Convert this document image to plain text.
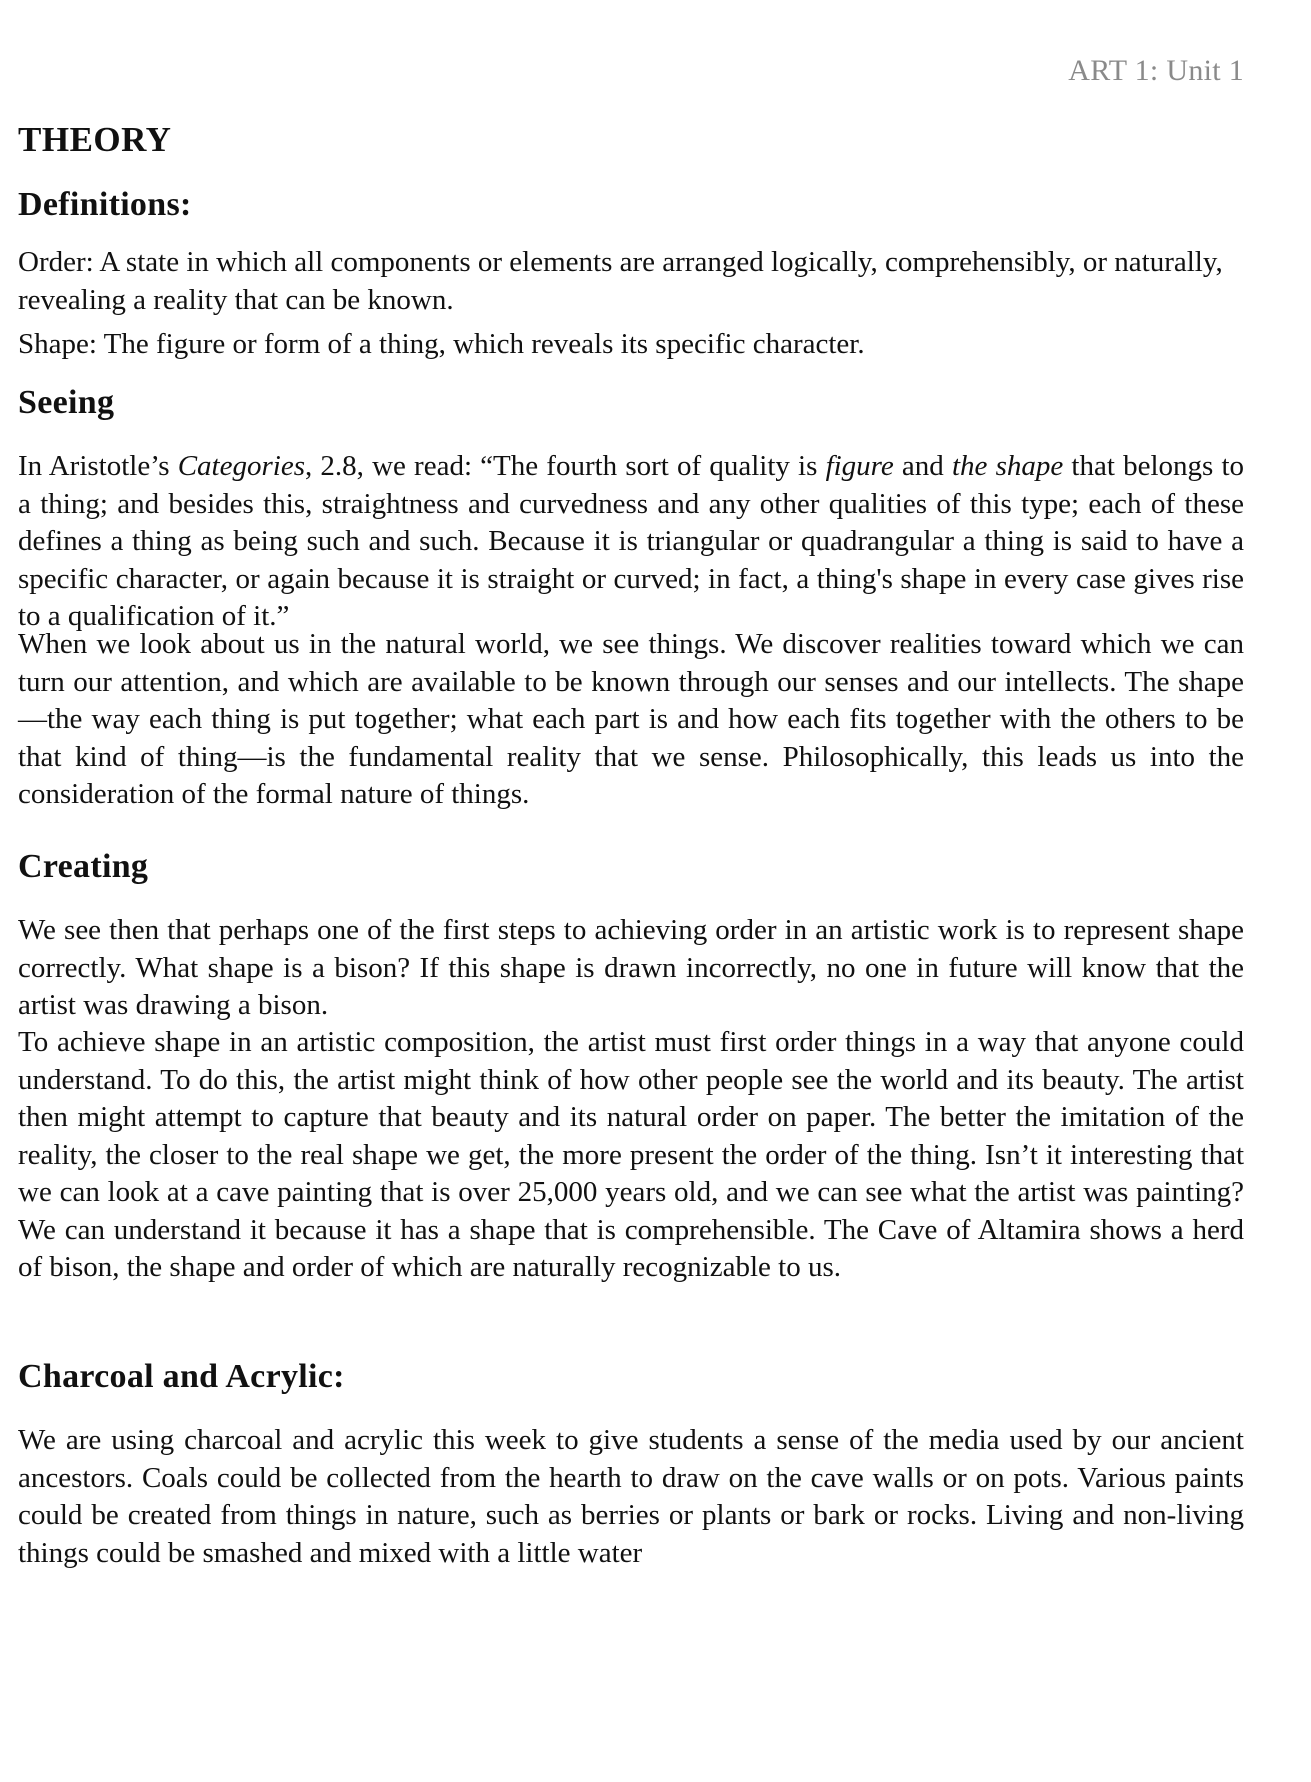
ART 1: Unit 1
THEORY
Definitions:

Order: A state in which all components or elements are arranged logically, comprehensibly, or naturally, revealing a reality that can be known.

Shape: The figure or form of a thing, which reveals its specific character.

Seeing

In Aristotle’s Categories, 2.8, we read: “The fourth sort of quality is figure and the shape that belongs to a thing; and besides this, straightness and curvedness and any other qualities of this type; each of these defines a thing as being such and such. Because it is triangular or quadrangular a thing is said to have a specific character, or again because it is straight or curved; in fact, a thing's shape in every case gives rise to a qualification of it.”

When we look about us in the natural world, we see things. We discover realities toward which we can turn our attention, and which are available to be known through our senses and our intellects. The shape—the way each thing is put together; what each part is and how each fits together with the others to be that kind of thing—is the fundamental reality that we sense. Philosophically, this leads us into the consideration of the formal nature of things.

Creating

We see then that perhaps one of the first steps to achieving order in an artistic work is to represent shape correctly. What shape is a bison? If this shape is drawn incorrectly, no one in future will know that the artist was drawing a bison.

To achieve shape in an artistic composition, the artist must first order things in a way that anyone could understand. To do this, the artist might think of how other people see the world and its beauty. The artist then might attempt to capture that beauty and its natural order on paper. The better the imitation of the reality, the closer to the real shape we get, the more present the order of the thing. Isn’t it interesting that we can look at a cave painting that is over 25,000 years old, and we can see what the artist was painting? We can understand it because it has a shape that is comprehensible. The Cave of Altamira shows a herd of bison, the shape and order of which are naturally recognizable to us.

Charcoal and Acrylic:

We are using charcoal and acrylic this week to give students a sense of the media used by our ancient ancestors. Coals could be collected from the hearth to draw on the cave walls or on pots. Various paints could be created from things in nature, such as berries or plants or bark or rocks. Living and non-living things could be smashed and mixed with a little water
